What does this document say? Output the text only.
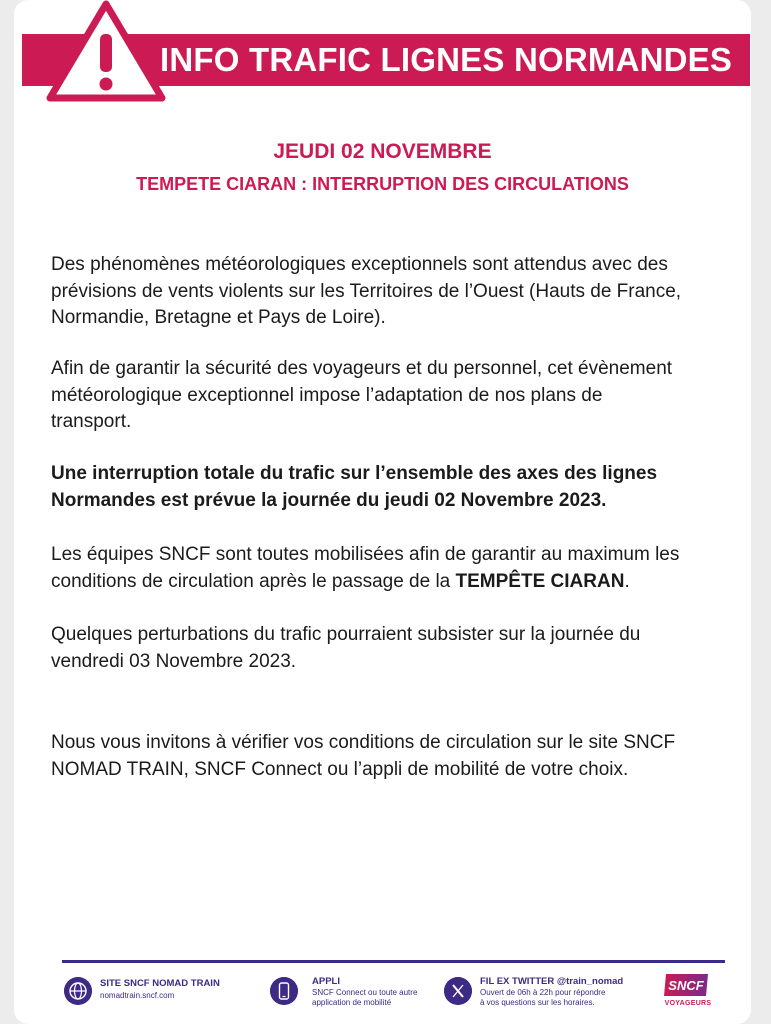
INFO TRAFIC LIGNES NORMANDES
JEUDI 02 NOVEMBRE
TEMPETE CIARAN : INTERRUPTION DES CIRCULATIONS
Des phénomènes météorologiques exceptionnels sont attendus avec des
prévisions de vents violents sur les Territoires de l’Ouest (Hauts de France,
Normandie, Bretagne et Pays de Loire).
Afin de garantir la sécurité des voyageurs et du personnel, cet évènement
météorologique exceptionnel impose l’adaptation de nos plans de
transport.
Une interruption totale du trafic sur l’ensemble des axes des lignes
Normandes est prévue la journée du jeudi 02 Novembre 2023.
Les équipes SNCF sont toutes mobilisées afin de garantir au maximum les
conditions de circulation après le passage de la TEMPÊTE CIARAN.
Quelques perturbations du trafic pourraient subsister sur la journée du
vendredi 03 Novembre 2023.
Nous vous invitons à vérifier vos conditions de circulation sur le site SNCF
NOMAD TRAIN, SNCF Connect ou l’appli de mobilité de votre choix.
SITE SNCF NOMAD TRAIN
nomadtrain.sncf.com
APPLI
SNCF Connect ou toute autre
application de mobilité
FIL EX TWITTER @train_nomad
Ouvert de 06h à 22h pour répondre
à vos questions sur les horaires.
SNCF
VOYAGEURS
